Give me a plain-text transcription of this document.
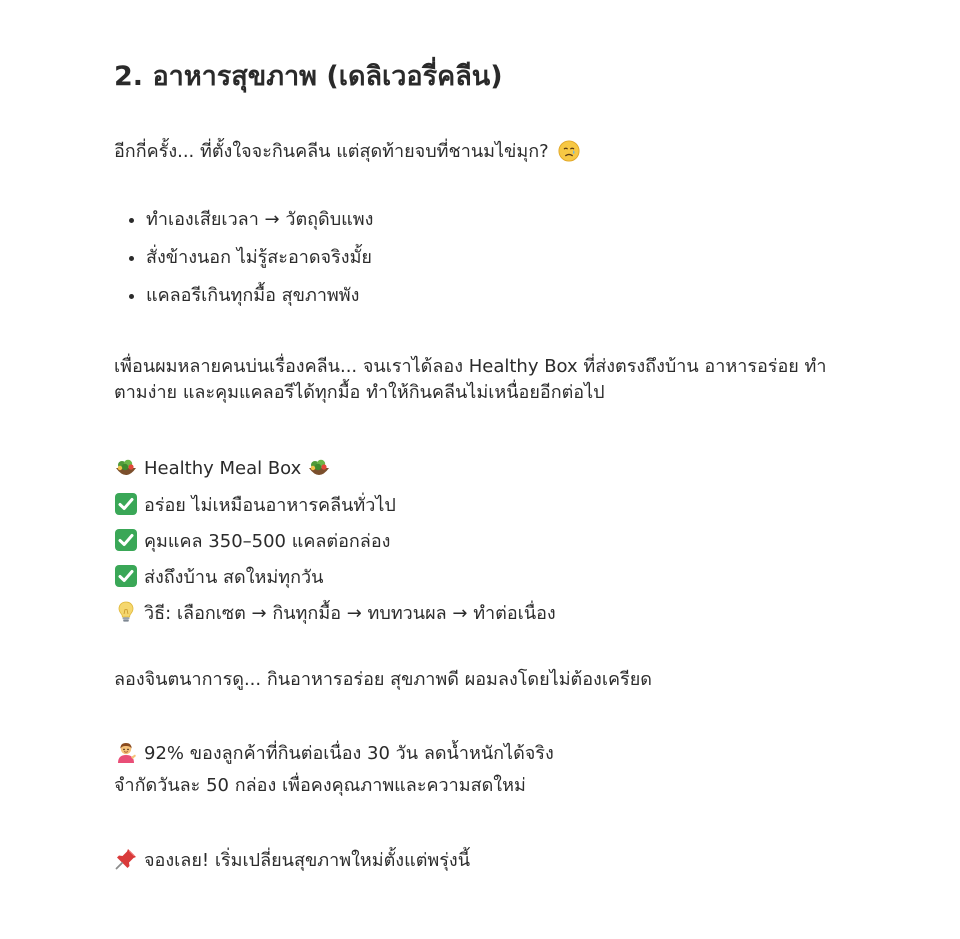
2. อาหารสุขภาพ (เดลิเวอรี่คลีน)

อีกกี่ครั้ง... ที่ตั้งใจจะกินคลีน แต่สุดท้ายจบที่ชานมไข่มุก?

• ทำเองเสียเวลา → วัตถุดิบแพง
• สั่งข้างนอก ไม่รู้สะอาดจริงมั้ย
• แคลอรีเกินทุกมื้อ สุขภาพพัง

เพื่อนผมหลายคนบ่นเรื่องคลีน... จนเราได้ลอง Healthy Box ที่ส่งตรงถึงบ้าน อาหารอร่อย ทำตามง่าย และคุมแคลอรีได้ทุกมื้อ ทำให้กินคลีนไม่เหนื่อยอีกต่อไป

Healthy Meal Box
อร่อย ไม่เหมือนอาหารคลีนทั่วไป
คุมแคล 350–500 แคลต่อกล่อง
ส่งถึงบ้าน สดใหม่ทุกวัน
วิธี: เลือกเซต → กินทุกมื้อ → ทบทวนผล → ทำต่อเนื่อง

ลองจินตนาการดู... กินอาหารอร่อย สุขภาพดี ผอมลงโดยไม่ต้องเครียด

92% ของลูกค้าที่กินต่อเนื่อง 30 วัน ลดน้ำหนักได้จริง
จำกัดวันละ 50 กล่อง เพื่อคงคุณภาพและความสดใหม่
จองเลย! เริ่มเปลี่ยนสุขภาพใหม่ตั้งแต่พรุ่งนี้
